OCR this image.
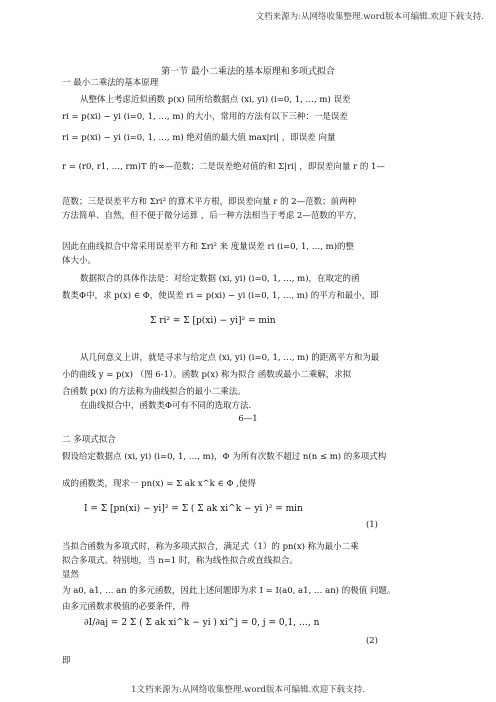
文档来源为:从网络收集整理.word版本可编辑.欢迎下载支持.
第一节 最小二乘法的基本原理和多项式拟合
一 最小二乘法的基本原理
从整体上考虑近似函数 p(x) 同所给数据点 (xi, yi) (i=0, 1, …, m) 误差
ri = p(xi) − yi (i=0, 1, …, m) 的大小，常用的方法有以下三种：一是误差
ri = p(xi) − yi (i=0, 1, …, m) 绝对值的最大值 max|ri| ，即误差 向量
r = (r0, r1, …, rm)T 的∞—范数；二是误差绝对值的和 Σ|ri| ，即误差向量 r 的 1—
范数；三是误差平方和 Σri² 的算术平方根，即误差向量 r 的 2—范数；前两种
方法简单、自然，但不便于微分运算 ，后一种方法相当于考虑 2—范数的平方，
因此在曲线拟合中常采用误差平方和 Σri² 来 度量误差 ri (i=0, 1, …, m)的整
体大小。
数据拟合的具体作法是：对给定数据 (xi, yi) (i=0, 1, …, m)，在取定的函
数类Φ中，求 p(x) ∈ Φ，使误差 ri = p(xi) − yi (i=0, 1, …, m) 的平方和最小，即
Σ ri² = Σ [p(xi) − yi]² = min
从几何意义上讲，就是寻求与给定点 (xi, yi) (i=0, 1, …, m) 的距离平方和为最
小的曲线 y = p(x) （图 6-1）。函数 p(x) 称为拟合 函数或最小二乘解，求拟
合函数 p(x) 的方法称为曲线拟合的最小二乘法。
在曲线拟合中，函数类Φ可有不同的选取方法.
6—1
二 多项式拟合
假设给定数据点 (xi, yi) (i=0, 1, …, m)，Φ 为所有次数不超过 n(n ≤ m) 的多项式构
成的函数类，现求一 pn(x) = Σ ak x^k ∈ Φ ,使得
I = Σ [pn(xi) − yi]² = Σ ( Σ ak xi^k − yi )² = min
(1)
当拟合函数为多项式时，称为多项式拟合，满足式（1）的 pn(x) 称为最小二乘
拟合多项式。特别地，当 n=1 时，称为线性拟合或直线拟合。
显然
为 a0, a1, … an 的多元函数，因此上述问题即为求 I = I(a0, a1, … an) 的极值 问题。
由多元函数求极值的必要条件，得
∂I/∂aj = 2 Σ ( Σ ak xi^k − yi ) xi^j = 0, j = 0,1, …, n
(2)
即
1文档来源为:从网络收集整理.word版本可编辑.欢迎下载支持.
